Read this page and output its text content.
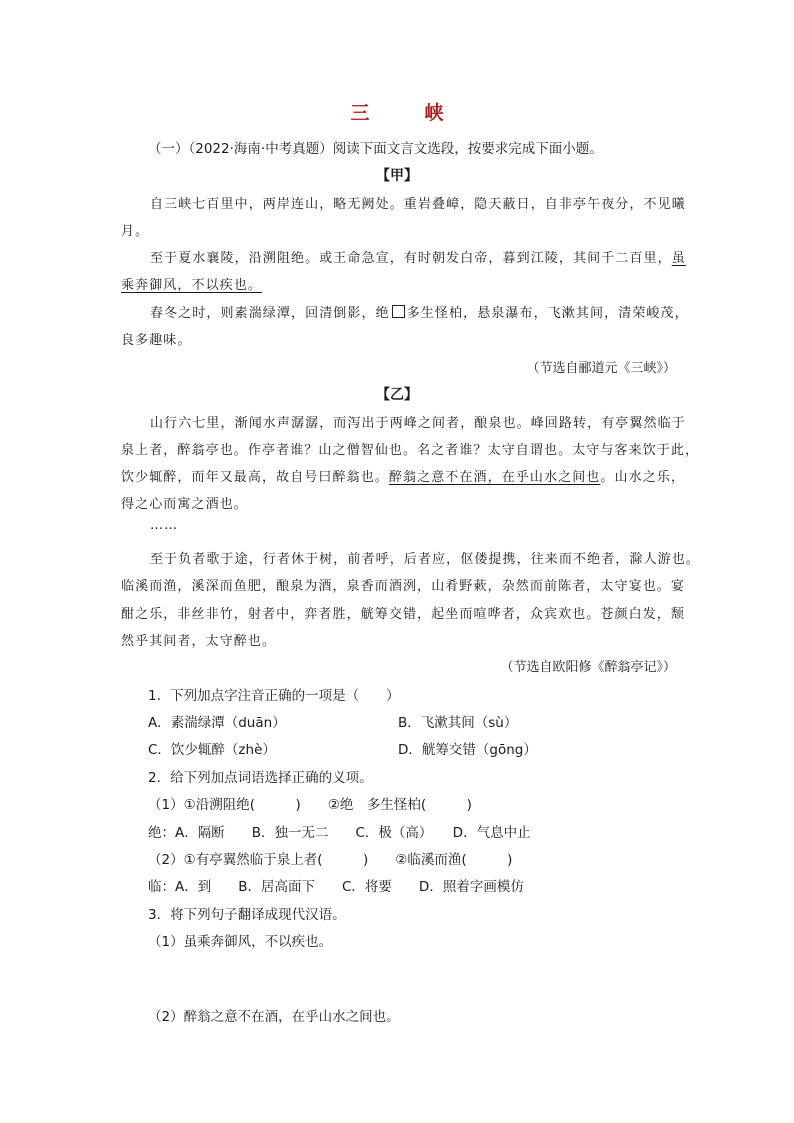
三　峡
（一）（2022·海南·中考真题）阅读下面文言文选段，按要求完成下面小题。
【甲】
自三峡七百里中，两岸连山，略无阙处。重岩叠嶂，隐天蔽日，自非亭午夜分，不见曦
月。
至于夏水襄陵，沿溯阻绝。或王命急宣，有时朝发白帝，暮到江陵，其间千二百里，虽
乘奔御风，不以疾也。
春冬之时，则素湍绿潭，回清倒影，绝 多生怪柏，悬泉瀑布，飞漱其间，清荣峻茂，
良多趣味。
（节选自郦道元《三峡》）
【乙】
山行六七里，渐闻水声潺潺，而泻出于两峰之间者，酿泉也。峰回路转，有亭翼然临于
泉上者，醉翁亭也。作亭者谁？山之僧智仙也。名之者谁？太守自谓也。太守与客来饮于此，
饮少辄醉，而年又最高，故自号曰醉翁也。醉翁之意不在酒，在乎山水之间也。山水之乐，
得之心而寓之酒也。
……
至于负者歌于途，行者休于树，前者呼，后者应，伛偻提携，往来而不绝者，滁人游也。
临溪而渔，溪深而鱼肥，酿泉为酒，泉香而酒洌，山肴野蔌，杂然而前陈者，太守宴也。宴
酣之乐，非丝非竹，射者中，弈者胜，觥筹交错，起坐而喧哗者，众宾欢也。苍颜白发，颓
然乎其间者，太守醉也。
（节选自欧阳修《醉翁亭记》）
1．下列加点字注音正确的一项是（　　）
A．素湍绿潭（duān）	B．飞漱其间（sù）
C．饮少辄醉（zhè）	D．觥筹交错（gōng）
2．给下列加点词语选择正确的义项。
（1）①沿溯阻绝(　　　)　　②绝　多生怪柏(　　　)
绝：A．隔断　　B．独一无二　　C．极（高）　　D．气息中止
（2）①有亭翼然临于泉上者(　　　)　　②临溪而渔(　　　)
临：A．到　　B．居高面下　　C．将要　　D．照着字画模仿
3．将下列句子翻译成现代汉语。
（1）虽乘奔御风，不以疾也。
（2）醉翁之意不在酒，在乎山水之间也。
